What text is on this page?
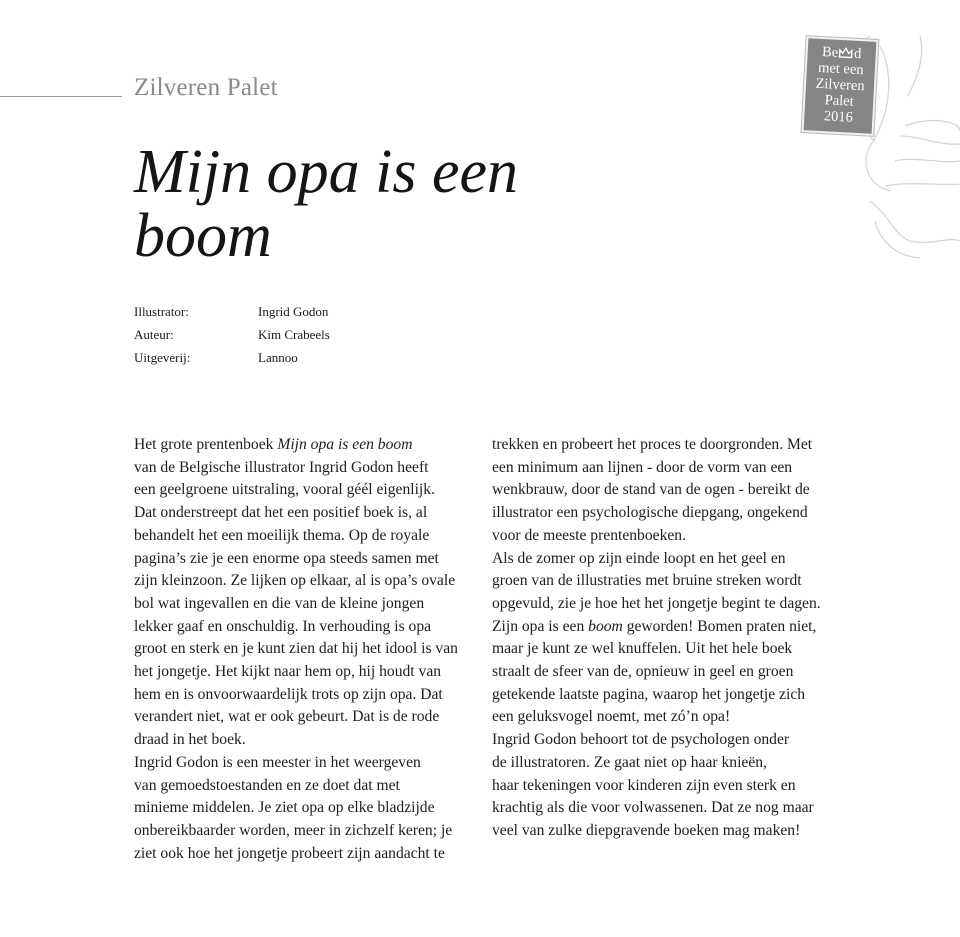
Zilveren Palet
Mijn opa is een
boom
Illustrator:	Ingrid Godon
Auteur:	Kim Crabeels
Uitgeverij:	Lannoo

Het grote prentenboek Mijn opa is een boom
van de Belgische illustrator Ingrid Godon heeft
een geelgroene uitstraling, vooral géél eigenlijk.
Dat onderstreept dat het een positief boek is, al
behandelt het een moeilijk thema. Op de royale
pagina’s zie je een enorme opa steeds samen met
zijn kleinzoon. Ze lijken op elkaar, al is opa’s ovale
bol wat ingevallen en die van de kleine jongen
lekker gaaf en onschuldig. In verhouding is opa
groot en sterk en je kunt zien dat hij het idool is van
het jongetje. Het kijkt naar hem op, hij houdt van
hem en is onvoorwaardelijk trots op zijn opa. Dat
verandert niet, wat er ook gebeurt. Dat is de rode
draad in het boek.

Ingrid Godon is een meester in het weergeven
van gemoedstoestanden en ze doet dat met
minieme middelen. Je ziet opa op elke bladzijde
onbereikbaarder worden, meer in zichzelf keren; je
ziet ook hoe het jongetje probeert zijn aandacht te

trekken en probeert het proces te doorgronden. Met
een minimum aan lijnen - door de vorm van een
wenkbrauw, door de stand van de ogen - bereikt de
illustrator een psychologische diepgang, ongekend
voor de meeste prentenboeken.

Als de zomer op zijn einde loopt en het geel en
groen van de illustraties met bruine streken wordt
opgevuld, zie je hoe het het jongetje begint te dagen.
Zijn opa is een boom geworden! Bomen praten niet,
maar je kunt ze wel knuffelen. Uit het hele boek
straalt de sfeer van de, opnieuw in geel en groen
getekende laatste pagina, waarop het jongetje zich
een geluksvogel noemt, met zó’n opa!

Ingrid Godon behoort tot de psychologen onder
de illustratoren. Ze gaat niet op haar knieën,
haar tekeningen voor kinderen zijn even sterk en
krachtig als die voor volwassenen. Dat ze nog maar
veel van zulke diepgravende boeken mag maken!

Be d
met een
Zilveren
Palet
2016
